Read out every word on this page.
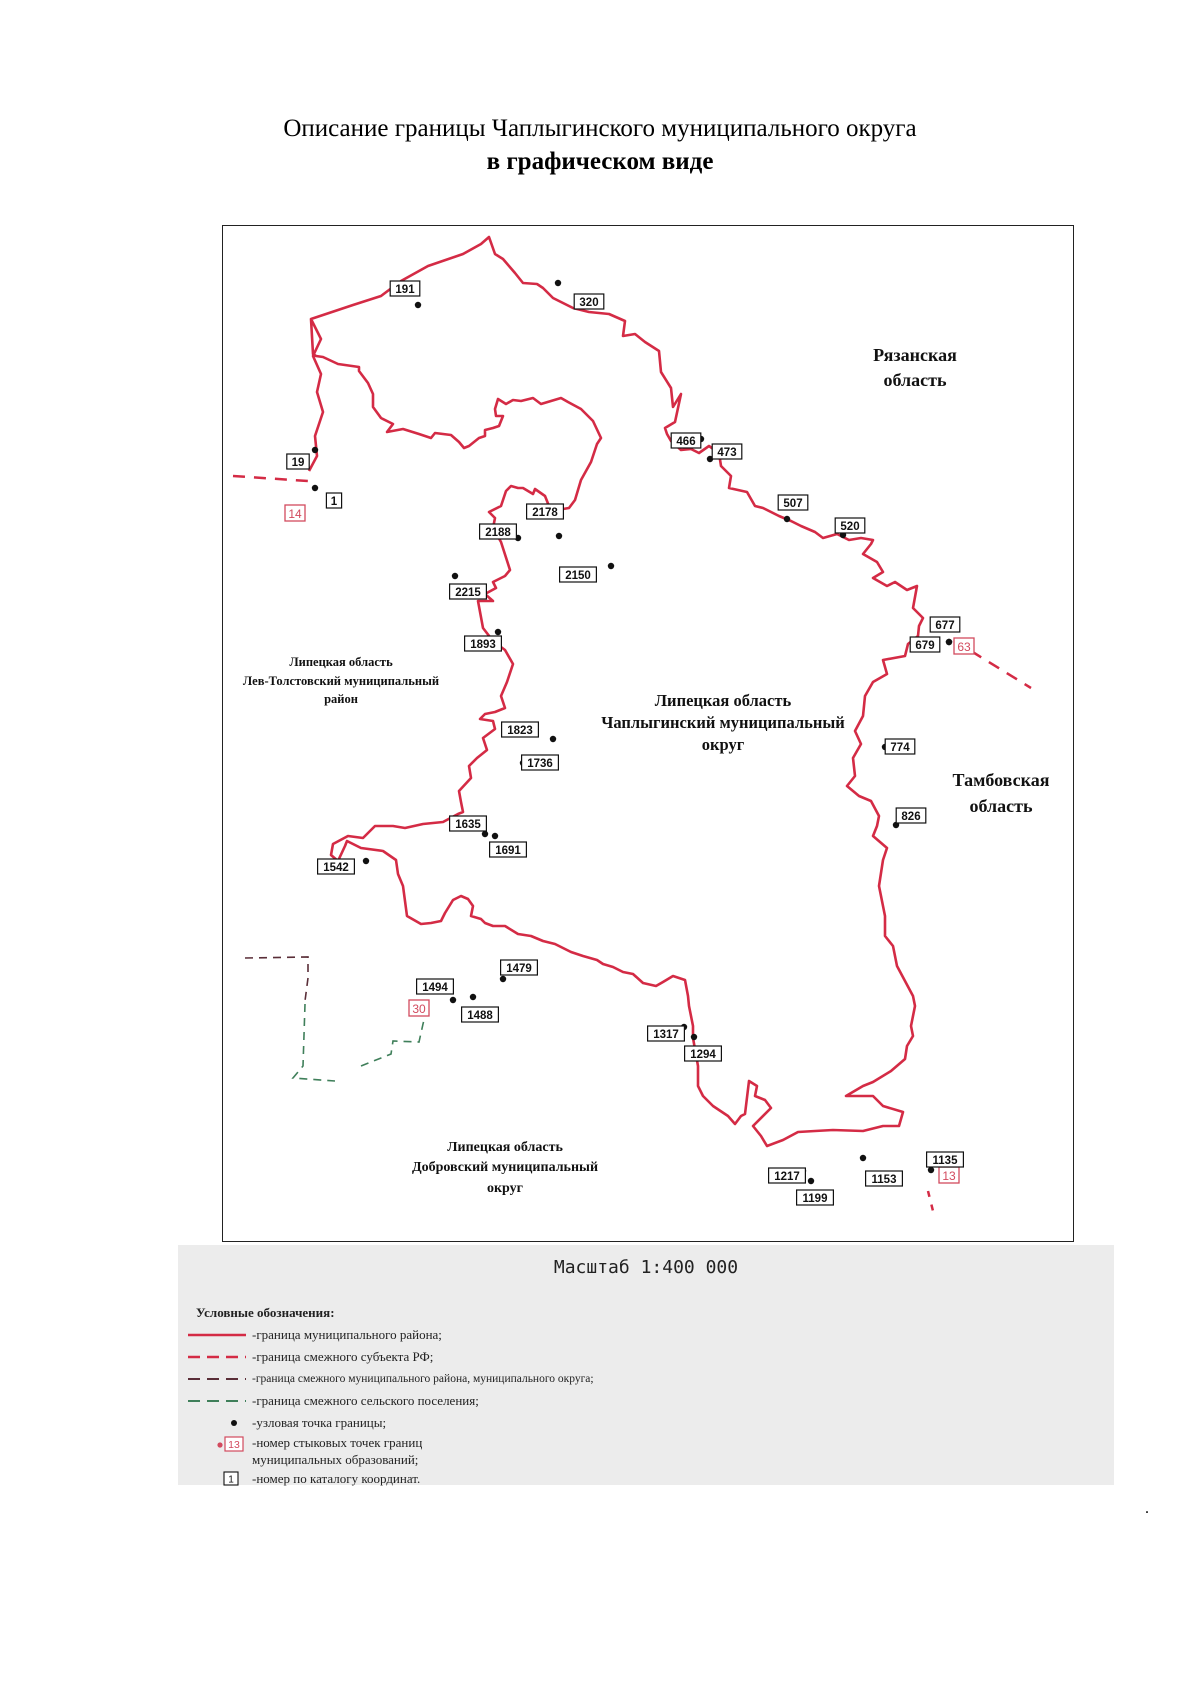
Описание границы Чаплыгинского муниципального округа
в графическом виде
14
63
30
13
191
320
466
473
507
520
677
679
774
826
1135
1153
1199
1217
1294
1317
1479
1488
1494
1542
1691
1635
1736
1823
1893
2150
2178
2188
2215
19
1
Рязанская
область
Тамбовская
область
Липецкая область
Лев-Толстовский муниципальный
район	Липецкая область
Чаплыгинский муниципальный
округ
Липецкая область
Добровский муниципальный
округ
Масштаб 1:400 000
Условные обозначения:
-граница муниципального района;
-граница смежного субъекта РФ;
-граница смежного муниципального района, муниципального округа;
-граница смежного сельского поселения;
-узловая точка границы;
13 -номер стыковых точек границ
муниципальных образований;
1 -номер по каталогу координат.
.
